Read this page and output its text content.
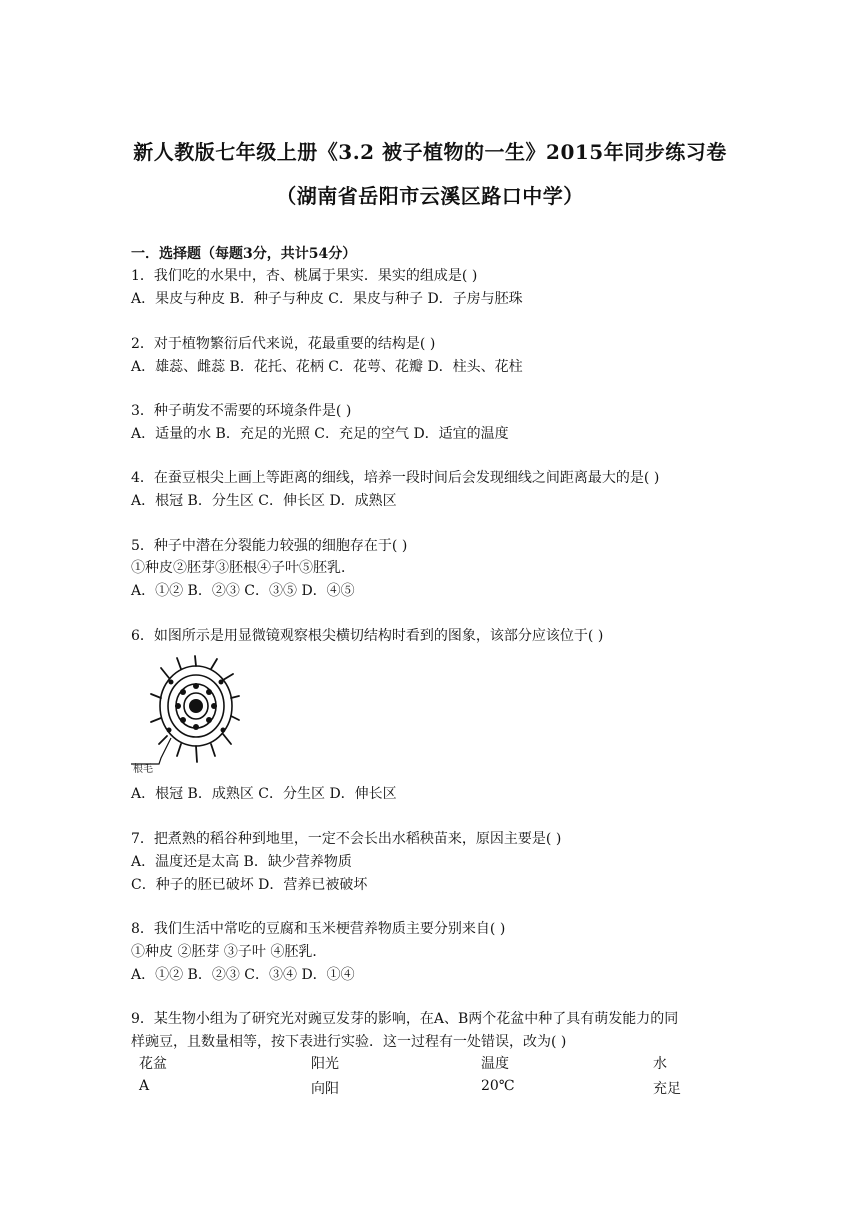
新人教版七年级上册《3.2 被子植物的一生》2015年同步练习卷
（湖南省岳阳市云溪区路口中学）
一．选择题（每题3分，共计54分）
1．我们吃的水果中，杏、桃属于果实．果实的组成是( )
A．果皮与种皮 B．种子与种皮 C．果皮与种子 D．子房与胚珠
2．对于植物繁衍后代来说，花最重要的结构是( )
A．雄蕊、雌蕊 B．花托、花柄 C．花萼、花瓣 D．柱头、花柱
3．种子萌发不需要的环境条件是( )
A．适量的水 B．充足的光照 C．充足的空气 D．适宜的温度
4．在蚕豆根尖上画上等距离的细线，培养一段时间后会发现细线之间距离最大的是( )
A．根冠 B．分生区 C．伸长区 D．成熟区
5．种子中潜在分裂能力较强的细胞存在于( )
①种皮②胚芽③胚根④子叶⑤胚乳．
A．①② B．②③ C．③⑤ D．④⑤
6．如图所示是用显微镜观察根尖横切结构时看到的图象，该部分应该位于( )
根毛
A．根冠 B．成熟区 C．分生区 D．伸长区
7．把煮熟的稻谷种到地里，一定不会长出水稻秧苗来，原因主要是( )
A．温度还是太高 B．缺少营养物质
C．种子的胚已破坏 D．营养已被破坏
8．我们生活中常吃的豆腐和玉米梗营养物质主要分别来自( )
①种皮 ②胚芽 ③子叶 ④胚乳．
A．①② B．②③ C．③④ D．①④
9．某生物小组为了研究光对豌豆发芽的影响，在A、B两个花盆中种了具有萌发能力的同
样豌豆，且数量相等，按下表进行实验．这一过程有一处错误，改为( )
花盆	阳光	温度	水
A	向阳	20℃	充足
